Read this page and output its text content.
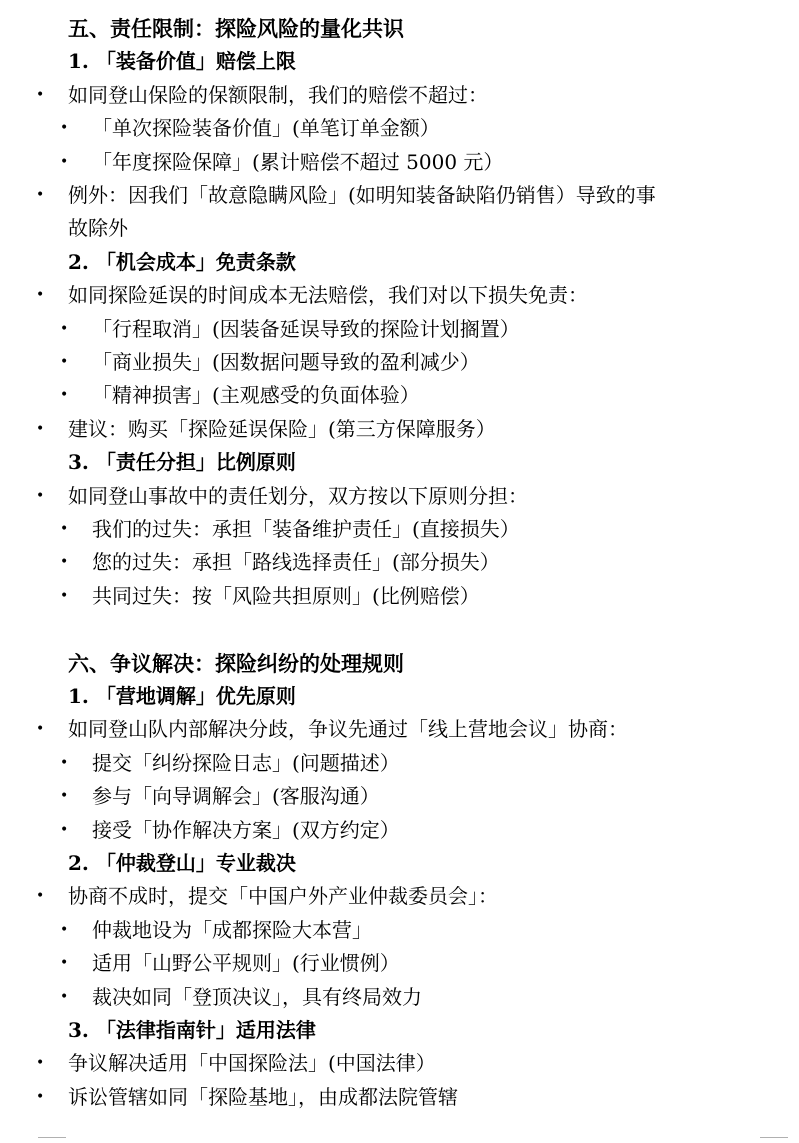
五、责任限制：探险风险的量化共识
1. 「装备价值」赔偿上限
• 如同登山保险的保额限制，我们的赔偿不超过：
• 「单次探险装备价值」(单笔订单金额）
• 「年度探险保障」(累计赔偿不超过 5000 元）
• 例外：因我们「故意隐瞒风险」(如明知装备缺陷仍销售）导致的事
故除外
2. 「机会成本」免责条款
• 如同探险延误的时间成本无法赔偿，我们对以下损失免责：
• 「行程取消」(因装备延误导致的探险计划搁置）
• 「商业损失」(因数据问题导致的盈利减少）
• 「精神损害」(主观感受的负面体验）
• 建议：购买「探险延误保险」(第三方保障服务）
3. 「责任分担」比例原则
• 如同登山事故中的责任划分，双方按以下原则分担：
• 我们的过失：承担「装备维护责任」(直接损失）
• 您的过失：承担「路线选择责任」(部分损失）
• 共同过失：按「风险共担原则」(比例赔偿）
六、争议解决：探险纠纷的处理规则
1. 「营地调解」优先原则
• 如同登山队内部解决分歧，争议先通过「线上营地会议」协商：
• 提交「纠纷探险日志」(问题描述）
• 参与「向导调解会」(客服沟通）
• 接受「协作解决方案」(双方约定）
2. 「仲裁登山」专业裁决
• 协商不成时，提交「中国户外产业仲裁委员会」：
• 仲裁地设为「成都探险大本营」
• 适用「山野公平规则」(行业惯例）
• 裁决如同「登顶决议」，具有终局效力
3. 「法律指南针」适用法律
• 争议解决适用「中国探险法」(中国法律）
• 诉讼管辖如同「探险基地」，由成都法院管辖
